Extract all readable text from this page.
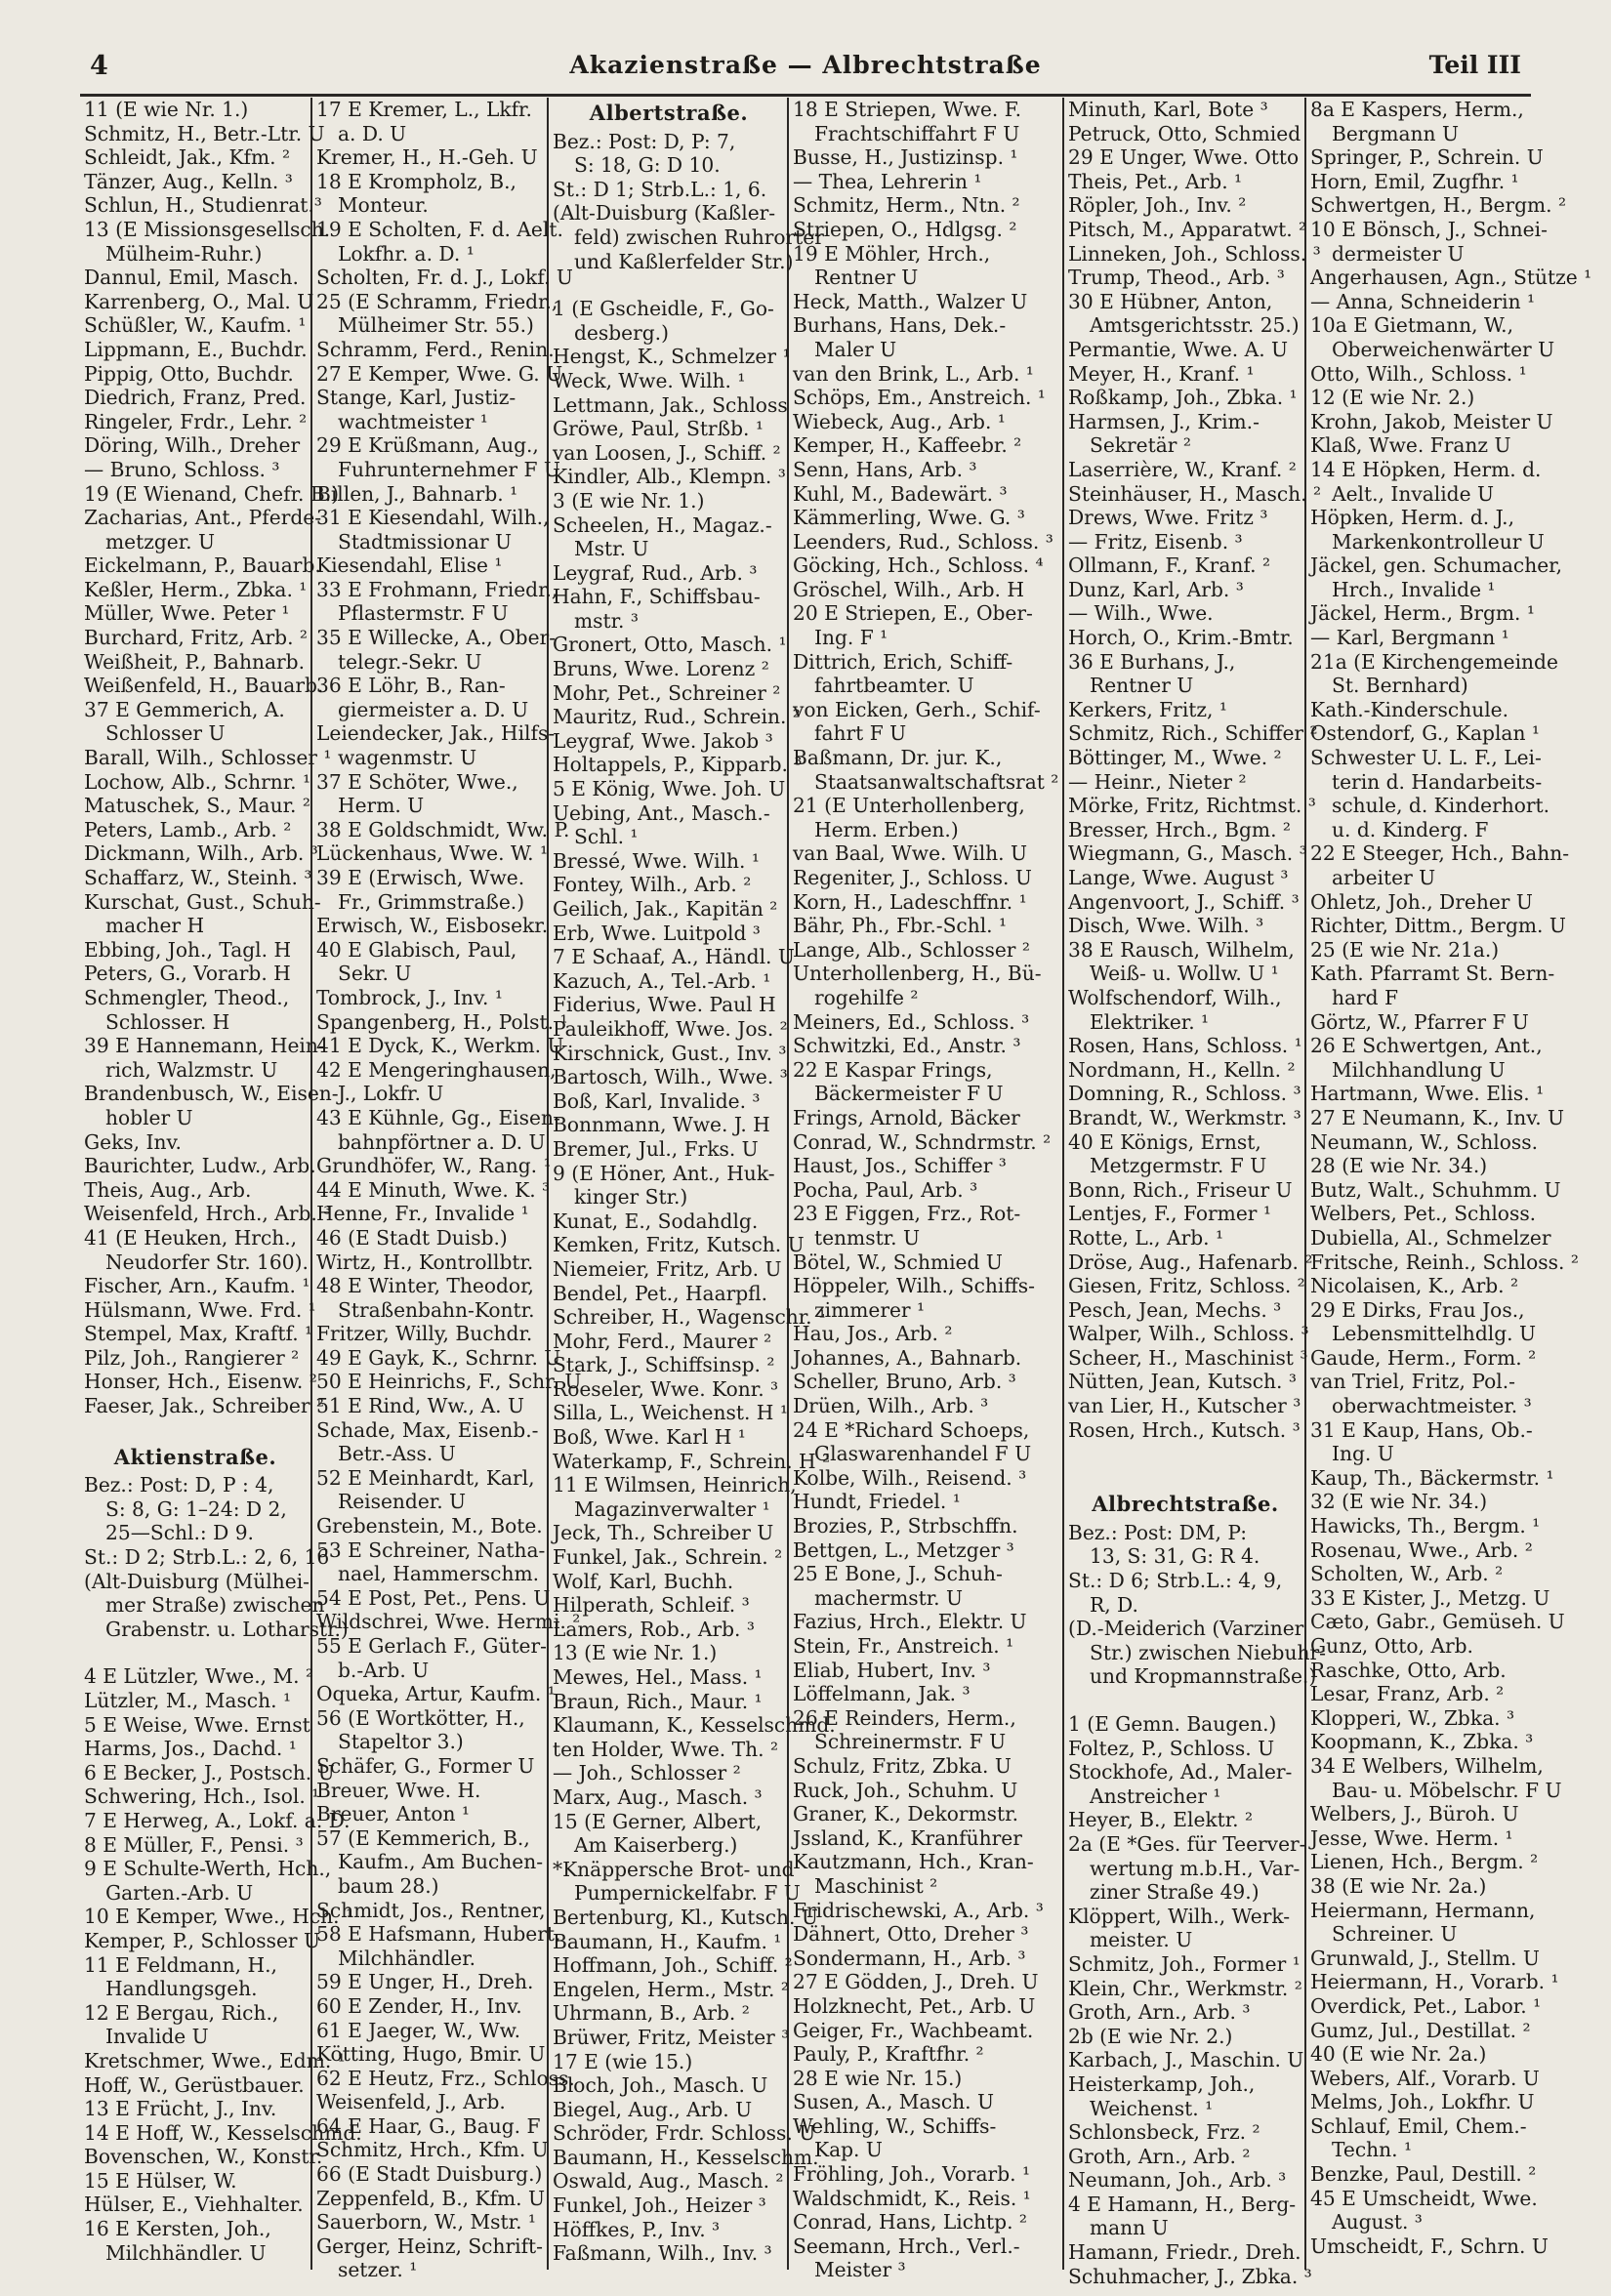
4	Akazienstraße — Albrechtstraße	Teil III
11 (E wie Nr. 1.)
Schmitz, H., Betr.-Ltr. U
Schleidt, Jak., Kfm. ²
Tänzer, Aug., Kelln. ³
Schlun, H., Studienrat.³
13 (E Missionsgesellsch.
Mülheim-Ruhr.)
Dannul, Emil, Masch.
Karrenberg, O., Mal. U
Schüßler, W., Kaufm. ¹
Lippmann, E., Buchdr.
Pippig, Otto, Buchdr.
Diedrich, Franz, Pred.
Ringeler, Frdr., Lehr. ²
Döring, Wilh., Dreher
— Bruno, Schloss. ³
19 (E Wienand, Chefr. B.)
Zacharias, Ant., Pferde-
metzger. U
Eickelmann, P., Bauarb.
Keßler, Herm., Zbka. ¹
Müller, Wwe. Peter ¹
Burchard, Fritz, Arb. ²
Weißheit, P., Bahnarb.
Weißenfeld, H., Bauarb.
37 E Gemmerich, A.
Schlosser U
Barall, Wilh., Schlosser ¹
Lochow, Alb., Schrnr. ¹
Matuschek, S., Maur. ²
Peters, Lamb., Arb. ²
Dickmann, Wilh., Arb. ³
Schaffarz, W., Steinh. ³
Kurschat, Gust., Schuh-
macher H
Ebbing, Joh., Tagl. H
Peters, G., Vorarb. H
Schmengler, Theod.,
Schlosser. H
39 E Hannemann, Hein-
rich, Walzmstr. U
Brandenbusch, W., Eisen-
hobler U
Geks, Inv.
Baurichter, Ludw., Arb.
Theis, Aug., Arb.
Weisenfeld, Hrch., Arb. ³
41 (E Heuken, Hrch.,
Neudorfer Str. 160).
Fischer, Arn., Kaufm. ¹
Hülsmann, Wwe. Frd. ¹
Stempel, Max, Kraftf. ¹
Pilz, Joh., Rangierer ²
Honser, Hch., Eisenw. ²
Faeser, Jak., Schreiber ²
Aktienstraße.
Bez.: Post: D, P : 4,
S: 8, G: 1–24: D 2,
25—Schl.: D 9.
St.: D 2; Strb.L.: 2, 6, 16
(Alt-Duisburg (Mülhei-
mer Straße) zwischen
Grabenstr. u. Lotharstr.)
4 E Lützler, Wwe., M. ²
Lützler, M., Masch. ¹
5 E Weise, Wwe. Ernst
Harms, Jos., Dachd. ¹
6 E Becker, J., Postsch. U
Schwering, Hch., Isol. ¹
7 E Herweg, A., Lokf. a. D.
8 E Müller, F., Pensi. ³
9 E Schulte-Werth, Hch.,
Garten.-Arb. U
10 E Kemper, Wwe., Hch. ¹
Kemper, P., Schlosser U
11 E Feldmann, H.,
Handlungsgeh.
12 E Bergau, Rich.,
Invalide U
Kretschmer, Wwe., Edm. ¹
Hoff, W., Gerüstbauer.
13 E Frücht, J., Inv.
14 E Hoff, W., Kesselschmd.
Bovenschen, W., Konstr.
15 E Hülser, W.
Hülser, E., Viehhalter.
16 E Kersten, Joh.,
Milchhändler. U
17 E Kremer, L., Lkfr.
a. D. U
Kremer, H., H.-Geh. U
18 E Krompholz, B.,
Monteur.
19 E Scholten, F. d. Aelt.
Lokfhr. a. D. ¹
Scholten, Fr. d. J., Lokf. U
25 (E Schramm, Friedr.,
Mülheimer Str. 55.)
Schramm, Ferd., Renin.
27 E Kemper, Wwe. G. U
Stange, Karl, Justiz-
wachtmeister ¹
29 E Krüßmann, Aug.,
Fuhrunternehmer F U
Billen, J., Bahnarb. ¹
31 E Kiesendahl, Wilh.,
Stadtmissionar U
Kiesendahl, Elise ¹
33 E Frohmann, Friedr.,
Pflastermstr. F U
35 E Willecke, A., Ober-
telegr.-Sekr. U
36 E Löhr, B., Ran-
giermeister a. D. U
Leiendecker, Jak., Hilfs-
wagenmstr. U
37 E Schöter, Wwe.,
Herm. U
38 E Goldschmidt, Ww. P.
Lückenhaus, Wwe. W. ¹
39 E (Erwisch, Wwe.
Fr., Grimmstraße.)
Erwisch, W., Eisbosekr.
40 E Glabisch, Paul,
Sekr. U
Tombrock, J., Inv. ¹
Spangenberg, H., Polst. ¹
41 E Dyck, K., Werkm. U
42 E Mengeringhausen,
J., Lokfr. U
43 E Kühnle, Gg., Eisen-
bahnpförtner a. D. U
Grundhöfer, W., Rang. ¹
44 E Minuth, Wwe. K. ³
Henne, Fr., Invalide ¹
46 (E Stadt Duisb.)
Wirtz, H., Kontrollbtr.
48 E Winter, Theodor,
Straßenbahn-Kontr.
Fritzer, Willy, Buchdr.
49 E Gayk, K., Schrnr. U
50 E Heinrichs, F., Schr. U
51 E Rind, Ww., A. U
Schade, Max, Eisenb.-
Betr.-Ass. U
52 E Meinhardt, Karl,
Reisender. U
Grebenstein, M., Bote.
53 E Schreiner, Natha-
nael, Hammerschm.
54 E Post, Pet., Pens. U
Wildschrei, Wwe. Hermi. ²
55 E Gerlach F., Güter-
b.-Arb. U
Oqueka, Artur, Kaufm. ¹
56 (E Wortkötter, H.,
Stapeltor 3.)
Schäfer, G., Former U
Breuer, Wwe. H.
Breuer, Anton ¹
57 (E Kemmerich, B.,
Kaufm., Am Buchen-
baum 28.)
Schmidt, Jos., Rentner,
58 E Hafsmann, Hubert,
Milchhändler.
59 E Unger, H., Dreh.
60 E Zender, H., Inv.
61 E Jaeger, W., Ww.
Kötting, Hugo, Bmir. U
62 E Heutz, Frz., Schloss.
Weisenfeld, J., Arb.
64 E Haar, G., Baug. F
Schmitz, Hrch., Kfm. U
66 (E Stadt Duisburg.)
Zeppenfeld, B., Kfm. U
Sauerborn, W., Mstr. ¹
Gerger, Heinz, Schrift-
setzer. ¹
Albertstraße.
Bez.: Post: D, P: 7,
S: 18, G: D 10.
St.: D 1; Strb.L.: 1, 6.
(Alt-Duisburg (Kaßler-
feld) zwischen Ruhrorter
und Kaßlerfelder Str.)
1 (E Gscheidle, F., Go-
desberg.)
Hengst, K., Schmelzer ¹
Weck, Wwe. Wilh. ¹
Lettmann, Jak., Schloss
Gröwe, Paul, Strßb. ¹
van Loosen, J., Schiff. ²
Kindler, Alb., Klempn. ³
3 (E wie Nr. 1.)
Scheelen, H., Magaz.-
Mstr. U
Leygraf, Rud., Arb. ³
Hahn, F., Schiffsbau-
mstr. ³
Gronert, Otto, Masch. ¹
Bruns, Wwe. Lorenz ²
Mohr, Pet., Schreiner ²
Mauritz, Rud., Schrein. ²
Leygraf, Wwe. Jakob ³
Holtappels, P., Kipparb. ³
5 E König, Wwe. Joh. U
Uebing, Ant., Masch.-
Schl. ¹
Bressé, Wwe. Wilh. ¹
Fontey, Wilh., Arb. ²
Geilich, Jak., Kapitän ²
Erb, Wwe. Luitpold ³
7 E Schaaf, A., Händl. U
Kazuch, A., Tel.-Arb. ¹
Fiderius, Wwe. Paul H
Pauleikhoff, Wwe. Jos. ²
Kirschnick, Gust., Inv. ³
Bartosch, Wilh., Wwe. ³
Boß, Karl, Invalide. ³
Bonnmann, Wwe. J. H
Bremer, Jul., Frks. U
9 (E Höner, Ant., Huk-
kinger Str.)
Kunat, E., Sodahdlg.
Kemken, Fritz, Kutsch. U
Niemeier, Fritz, Arb. U
Bendel, Pet., Haarpfl.
Schreiber, H., Wagenschr. ¹
Mohr, Ferd., Maurer ²
Stark, J., Schiffsinsp. ²
Roeseler, Wwe. Konr. ³
Silla, L., Weichenst. H ¹
Boß, Wwe. Karl H ¹
Waterkamp, F., Schrein. H ²
11 E Wilmsen, Heinrich,
Magazinverwalter ¹
Jeck, Th., Schreiber U
Funkel, Jak., Schrein. ²
Wolf, Karl, Buchh.
Hilperath, Schleif. ³
Lamers, Rob., Arb. ³
13 (E wie Nr. 1.)
Mewes, Hel., Mass. ¹
Braun, Rich., Maur. ¹
Klaumann, K., Kesselschmd.
ten Holder, Wwe. Th. ²
— Joh., Schlosser ²
Marx, Aug., Masch. ³
15 (E Gerner, Albert,
Am Kaiserberg.)
*Knäppersche Brot- und
Pumpernickelfabr. F U
Bertenburg, Kl., Kutsch. U
Baumann, H., Kaufm. ¹
Hoffmann, Joh., Schiff. ²
Engelen, Herm., Mstr. ²
Uhrmann, B., Arb. ²
Brüwer, Fritz, Meister ³
17 E (wie 15.)
Bloch, Joh., Masch. U
Biegel, Aug., Arb. U
Schröder, Frdr. Schloss. U
Baumann, H., Kesselschm.
Oswald, Aug., Masch. ²
Funkel, Joh., Heizer ³
Höffkes, P., Inv. ³
Faßmann, Wilh., Inv. ³
18 E Striepen, Wwe. F.
Frachtschiffahrt F U
Busse, H., Justizinsp. ¹
— Thea, Lehrerin ¹
Schmitz, Herm., Ntn. ²
Striepen, O., Hdlgsg. ²
19 E Möhler, Hrch.,
Rentner U
Heck, Matth., Walzer U
Burhans, Hans, Dek.-
Maler U
van den Brink, L., Arb. ¹
Schöps, Em., Anstreich. ¹
Wiebeck, Aug., Arb. ¹
Kemper, H., Kaffeebr. ²
Senn, Hans, Arb. ³
Kuhl, M., Badewärt. ³
Kämmerling, Wwe. G. ³
Leenders, Rud., Schloss. ³
Göcking, Hch., Schloss. ⁴
Gröschel, Wilh., Arb. H
20 E Striepen, E., Ober-
Ing. F ¹
Dittrich, Erich, Schiff-
fahrtbeamter. U
von Eicken, Gerh., Schif-
fahrt F U
Baßmann, Dr. jur. K.,
Staatsanwaltschaftsrat ²
21 (E Unterhollenberg,
Herm. Erben.)
van Baal, Wwe. Wilh. U
Regeniter, J., Schloss. U
Korn, H., Ladeschffnr. ¹
Bähr, Ph., Fbr.-Schl. ¹
Lange, Alb., Schlosser ²
Unterhollenberg, H., Bü-
rogehilfe ²
Meiners, Ed., Schloss. ³
Schwitzki, Ed., Anstr. ³
22 E Kaspar Frings,
Bäckermeister F U
Frings, Arnold, Bäcker
Conrad, W., Schndrmstr. ²
Haust, Jos., Schiffer ³
Pocha, Paul, Arb. ³
23 E Figgen, Frz., Rot-
tenmstr. U
Bötel, W., Schmied U
Höppeler, Wilh., Schiffs-
zimmerer ¹
Hau, Jos., Arb. ²
Johannes, A., Bahnarb.
Scheller, Bruno, Arb. ³
Drüen, Wilh., Arb. ³
24 E *Richard Schoeps,
Glaswarenhandel F U
Kolbe, Wilh., Reisend. ³
Hundt, Friedel. ¹
Brozies, P., Strbschffn.
Bettgen, L., Metzger ³
25 E Bone, J., Schuh-
machermstr. U
Fazius, Hrch., Elektr. U
Stein, Fr., Anstreich. ¹
Eliab, Hubert, Inv. ³
Löffelmann, Jak. ³
26 E Reinders, Herm.,
Schreinermstr. F U
Schulz, Fritz, Zbka. U
Ruck, Joh., Schuhm. U
Graner, K., Dekormstr.
Jssland, K., Kranführer
Kautzmann, Hch., Kran-
Maschinist ²
Fridrischewski, A., Arb. ³
Dähnert, Otto, Dreher ³
Sondermann, H., Arb. ³
27 E Gödden, J., Dreh. U
Holzknecht, Pet., Arb. U
Geiger, Fr., Wachbeamt.
Pauly, P., Kraftfhr. ²
28 E wie Nr. 15.)
Susen, A., Masch. U
Wehling, W., Schiffs-
Kap. U
Fröhling, Joh., Vorarb. ¹
Waldschmidt, K., Reis. ¹
Conrad, Hans, Lichtp. ²
Seemann, Hrch., Verl.-
Meister ³
Minuth, Karl, Bote ³
Petruck, Otto, Schmied
29 E Unger, Wwe. Otto
Theis, Pet., Arb. ¹
Röpler, Joh., Inv. ²
Pitsch, M., Apparatwt. ²
Linneken, Joh., Schloss. ³
Trump, Theod., Arb. ³
30 E Hübner, Anton,
Amtsgerichtsstr. 25.)
Permantie, Wwe. A. U
Meyer, H., Kranf. ¹
Roßkamp, Joh., Zbka. ¹
Harmsen, J., Krim.-
Sekretär ²
Laserrière, W., Kranf. ²
Steinhäuser, H., Masch. ²
Drews, Wwe. Fritz ³
— Fritz, Eisenb. ³
Ollmann, F., Kranf. ²
Dunz, Karl, Arb. ³
— Wilh., Wwe.
Horch, O., Krim.-Bmtr.
36 E Burhans, J.,
Rentner U
Kerkers, Fritz, ¹
Schmitz, Rich., Schiffer ²
Böttinger, M., Wwe. ²
— Heinr., Nieter ²
Mörke, Fritz, Richtmst. ³
Bresser, Hrch., Bgm. ²
Wiegmann, G., Masch. ³
Lange, Wwe. August ³
Angenvoort, J., Schiff. ³
Disch, Wwe. Wilh. ³
38 E Rausch, Wilhelm,
Weiß- u. Wollw. U ¹
Wolfschendorf, Wilh.,
Elektriker. ¹
Rosen, Hans, Schloss. ¹
Nordmann, H., Kelln. ²
Domning, R., Schloss. ³
Brandt, W., Werkmstr. ³
40 E Königs, Ernst,
Metzgermstr. F U
Bonn, Rich., Friseur U
Lentjes, F., Former ¹
Rotte, L., Arb. ¹
Dröse, Aug., Hafenarb. ²
Giesen, Fritz, Schloss. ²
Pesch, Jean, Mechs. ³
Walper, Wilh., Schloss. ³
Scheer, H., Maschinist ³
Nütten, Jean, Kutsch. ³
van Lier, H., Kutscher ³
Rosen, Hrch., Kutsch. ³
Albrechtstraße.
Bez.: Post: DM, P:
13, S: 31, G: R 4.
St.: D 6; Strb.L.: 4, 9,
R, D.
(D.-Meiderich (Varziner
Str.) zwischen Niebuhr-
und Kropmannstraße.)
1 (E Gemn. Baugen.)
Foltez, P., Schloss. U
Stockhofe, Ad., Maler-
Anstreicher ¹
Heyer, B., Elektr. ²
2a (E *Ges. für Teerver-
wertung m.b.H., Var-
ziner Straße 49.)
Klöppert, Wilh., Werk-
meister. U
Schmitz, Joh., Former ¹
Klein, Chr., Werkmstr. ²
Groth, Arn., Arb. ³
2b (E wie Nr. 2.)
Karbach, J., Maschin. U
Heisterkamp, Joh.,
Weichenst. ¹
Schlonsbeck, Frz. ²
Groth, Arn., Arb. ²
Neumann, Joh., Arb. ³
4 E Hamann, H., Berg-
mann U
Hamann, Friedr., Dreh.
Schuhmacher, J., Zbka. ³
8a E Kaspers, Herm.,
Bergmann U
Springer, P., Schrein. U
Horn, Emil, Zugfhr. ¹
Schwertgen, H., Bergm. ²
10 E Bönsch, J., Schnei-
dermeister U
Angerhausen, Agn., Stütze ¹
— Anna, Schneiderin ¹
10a E Gietmann, W.,
Oberweichenwärter U
Otto, Wilh., Schloss. ¹
12 (E wie Nr. 2.)
Krohn, Jakob, Meister U
Klaß, Wwe. Franz U
14 E Höpken, Herm. d.
Aelt., Invalide U
Höpken, Herm. d. J.,
Markenkontrolleur U
Jäckel, gen. Schumacher,
Hrch., Invalide ¹
Jäckel, Herm., Brgm. ¹
— Karl, Bergmann ¹
21a (E Kirchengemeinde
St. Bernhard)
Kath.-Kinderschule.
Ostendorf, G., Kaplan ¹
Schwester U. L. F., Lei-
terin d. Handarbeits-
schule, d. Kinderhort.
u. d. Kinderg. F
22 E Steeger, Hch., Bahn-
arbeiter U
Ohletz, Joh., Dreher U
Richter, Dittm., Bergm. U
25 (E wie Nr. 21a.)
Kath. Pfarramt St. Bern-
hard F
Görtz, W., Pfarrer F U
26 E Schwertgen, Ant.,
Milchhandlung U
Hartmann, Wwe. Elis. ¹
27 E Neumann, K., Inv. U
Neumann, W., Schloss.
28 (E wie Nr. 34.)
Butz, Walt., Schuhmm. U
Welbers, Pet., Schloss.
Dubiella, Al., Schmelzer
Fritsche, Reinh., Schloss. ²
Nicolaisen, K., Arb. ²
29 E Dirks, Frau Jos.,
Lebensmittelhdlg. U
Gaude, Herm., Form. ²
van Triel, Fritz, Pol.-
oberwachtmeister. ³
31 E Kaup, Hans, Ob.-
Ing. U
Kaup, Th., Bäckermstr. ¹
32 (E wie Nr. 34.)
Hawicks, Th., Bergm. ¹
Rosenau, Wwe., Arb. ²
Scholten, W., Arb. ²
33 E Kister, J., Metzg. U
Cæto, Gabr., Gemüseh. U
Gunz, Otto, Arb.
Raschke, Otto, Arb.
Lesar, Franz, Arb. ²
Klopperi, W., Zbka. ³
Koopmann, K., Zbka. ³
34 E Welbers, Wilhelm,
Bau- u. Möbelschr. F U
Welbers, J., Büroh. U
Jesse, Wwe. Herm. ¹
Lienen, Hch., Bergm. ²
38 (E wie Nr. 2a.)
Heiermann, Hermann,
Schreiner. U
Grunwald, J., Stellm. U
Heiermann, H., Vorarb. ¹
Overdick, Pet., Labor. ¹
Gumz, Jul., Destillat. ²
40 (E wie Nr. 2a.)
Webers, Alf., Vorarb. U
Melms, Joh., Lokfhr. U
Schlauf, Emil, Chem.-
Techn. ¹
Benzke, Paul, Destill. ²
45 E Umscheidt, Wwe.
August. ³
Umscheidt, F., Schrn. U
